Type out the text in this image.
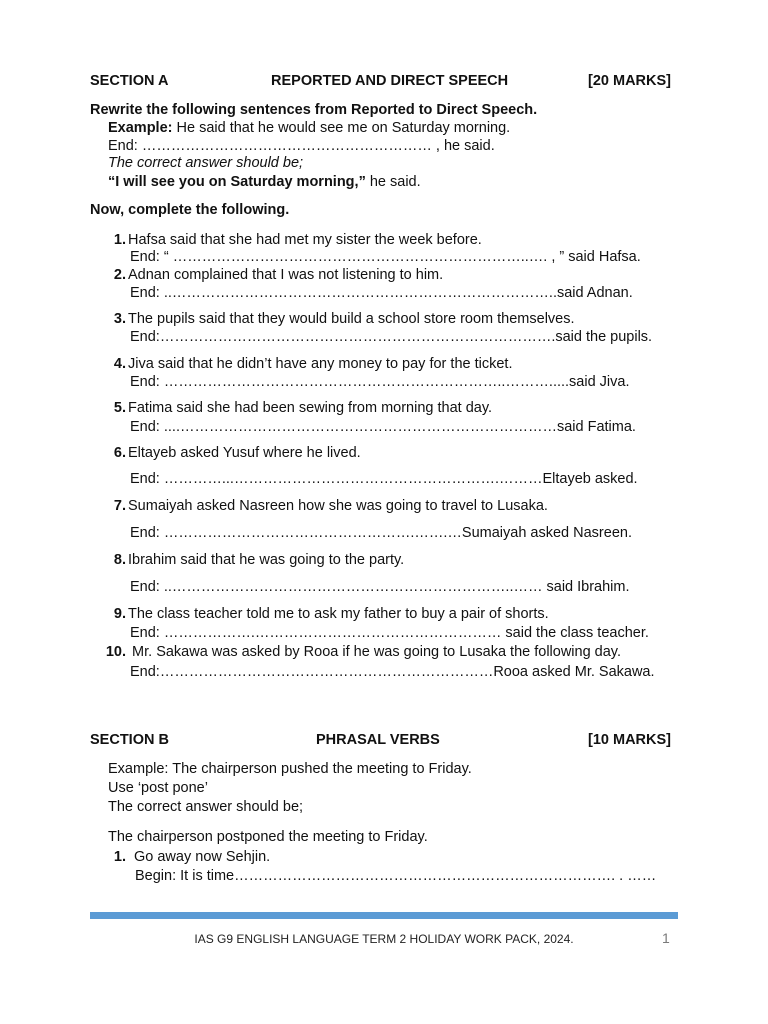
SECTION A	REPORTED AND DIRECT SPEECH	[20 MARKS]
Rewrite the following sentences from Reported to Direct Speech.
Example: He said that he would see me on Saturday morning.
End: …………………………………………………… , he said.
The correct answer should be;
“I will see you on Saturday morning,” he said.
Now, complete the following.
1. Hafsa said that she had met my sister the week before.
End: “ ………………………………………………………………..…. , ” said Hafsa.
2. Adnan complained that I was not listening to him.
End: ..……………………………………………………………………..said Adnan.
3. The pupils said that they would build a school store room themselves.
End:……………………………………………………………………….said the pupils.
4. Jiva said that he didn’t have any money to pay for the ticket.
End: ……………………………………………………………..……….....said Jiva.
5. Fatima said she had been sewing from morning that day.
End: ....……………………………………………………………………said Fatima.
6. Eltayeb asked Yusuf where he lived.
End: …………...……………………………………………….………Eltayeb asked.
7. Sumaiyah asked Nasreen how she was going to travel to Lusaka.
End: …………………………………………….…….…Sumaiyah asked Nasreen.
8. Ibrahim said that he was going to the party.
End: ..……………………………………………………………..…… said Ibrahim.
9. The class teacher told me to ask my father to buy a pair of shorts.
End: ……………….…………………………………………… said the class teacher.
10. Mr. Sakawa was asked by Rooa if he was going to Lusaka the following day.
End:……………………………………………………………Rooa asked Mr. Sakawa.
SECTION B	PHRASAL VERBS	[10 MARKS]
Example: The chairperson pushed the meeting to Friday.
Use ‘post pone’
The correct answer should be;
The chairperson postponed the meeting to Friday.
1. Go away now Sehjin.
Begin: It is time……………………………………………………………………. . ……
IAS G9 ENGLISH LANGUAGE TERM 2 HOLIDAY WORK PACK, 2024.	1
